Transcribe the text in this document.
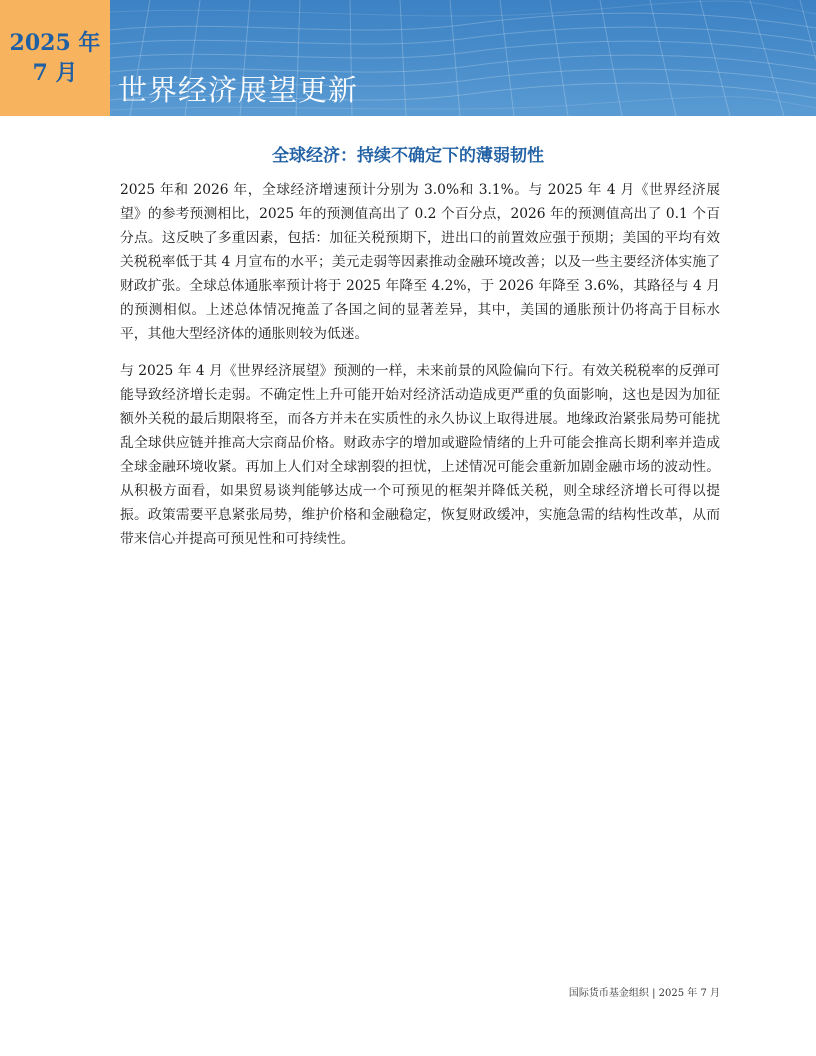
2025 年
7 月 世界经济展望更新
全球经济：持续不确定下的薄弱韧性

2025 年和 2026 年，全球经济增速预计分别为 3.0%和 3.1%。与 2025 年 4 月《世界经济展望》的参考预测相比，2025 年的预测值高出了 0.2 个百分点，2026 年的预测值高出了 0.1 个百分点。这反映了多重因素，包括：加征关税预期下，进出口的前置效应强于预期；美国的平均有效关税税率低于其 4 月宣布的水平；美元走弱等因素推动金融环境改善；以及一些主要经济体实施了财政扩张。全球总体通胀率预计将于 2025 年降至 4.2%，于 2026 年降至 3.6%，其路径与 4 月的预测相似。上述总体情况掩盖了各国之间的显著差异，其中，美国的通胀预计仍将高于目标水平，其他大型经济体的通胀则较为低迷。

与 2025 年 4 月《世界经济展望》预测的一样，未来前景的风险偏向下行。有效关税税率的反弹可能导致经济增长走弱。不确定性上升可能开始对经济活动造成更严重的负面影响，这也是因为加征额外关税的最后期限将至，而各方并未在实质性的永久协议上取得进展。地缘政治紧张局势可能扰乱全球供应链并推高大宗商品价格。财政赤字的增加或避险情绪的上升可能会推高长期利率并造成全球金融环境收紧。再加上人们对全球割裂的担忧，上述情况可能会重新加剧金融市场的波动性。从积极方面看，如果贸易谈判能够达成一个可预见的框架并降低关税，则全球经济增长可得以提振。政策需要平息紧张局势，维护价格和金融稳定，恢复财政缓冲，实施急需的结构性改革，从而带来信心并提高可预见性和可持续性。

国际货币基金组织 | 2025 年 7 月
